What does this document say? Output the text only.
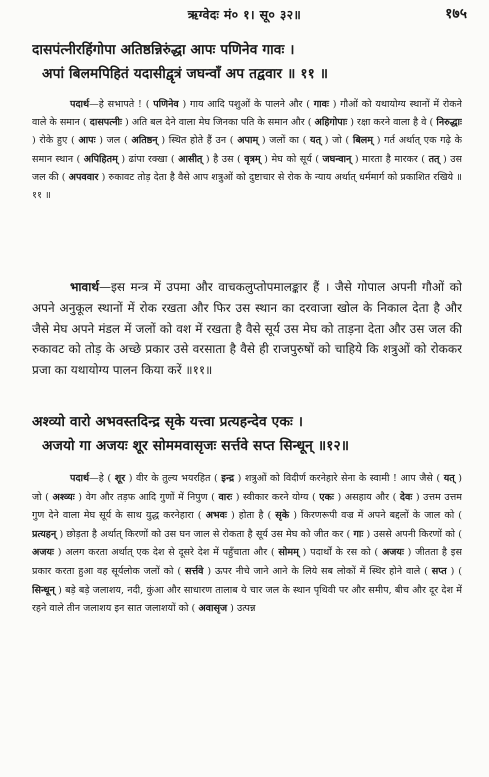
ऋग्वेदः मं० १। सू० ३२॥	१७५

दासपंत्नीरहिंगोपा अतिष्ठन्निरुंद्धा आपः पणिनेव गावः ।

अपां बिलमपिहितं यदासीद्वृत्रं जघन्वाँ अप तद्ववार ॥ ११ ॥

पदार्थ—हे सभापते ! ( पणिनेव ) गाय आदि पशुओं के पालने और ( गावः ) गौओं को यथायोग्य स्थानों में रोकने वाले के समान ( दासपत्नीः ) अति बल देने वाला मेघ जिनका पति के समान और ( अहिगोपाः ) रक्षा करने वाला है वे ( निरुद्धाः ) रोके हुए ( आपः ) जल ( अतिष्ठन् ) स्थित होते हैं उन ( अपाम् ) जलों का ( यत् ) जो ( बिलम् ) गर्त अर्थात् एक गढ़े के समान स्थान ( अपिहितम् ) ढांपा रक्खा ( आसीत् ) है उस ( वृत्रम् ) मेघ को सूर्य ( जघन्वान् ) मारता है मारकर ( तत् ) उस जल की ( अपववार ) रुकावट तोड़ देता है वैसे आप शत्रुओं को दुष्टाचार से रोक के न्याय अर्थात् धर्ममार्ग को प्रकाशित रखिये ॥ ११ ॥

भावार्थ—इस मन्त्र में उपमा और वाचकलुप्तोपमालङ्कार हैं । जैसे गोपाल अपनी गौओं को अपने अनुकूल स्थानों में रोक रखता और फिर उस स्थान का दरवाजा खोल के निकाल देता है और जैसे मेघ अपने मंडल में जलों को वश में रखता है वैसे सूर्य उस मेघ को ताड़ना देता और उस जल की रुकावट को तोड़ के अच्छे प्रकार उसे वरसाता है वैसे ही राजपुरुषों को चाहिये कि शत्रुओं को रोककर प्रजा का यथायोग्य पालन किया करें ॥११॥

अश्व्यो वारो अभवस्तदिन्द्र सृके यत्त्वा प्रत्यहन्देव एकः ।

अजयो गा अजयः शूर सोममवासृजः सर्त्तवे सप्त सिन्धून् ॥१२॥

पदार्थ—हे ( शूर ) वीर के तुल्य भयरहित ( इन्द्र ) शत्रुओं को विदीर्ण करनेहारे सेना के स्वामी ! आप जैसे ( यत् ) जो ( अश्व्यः ) वेग और तड़फ आदि गुणों में निपुण ( वारः ) स्वीकार करने योग्य ( एकः ) असहाय और ( देवः ) उत्तम उत्तम गुण देने वाला मेघ सूर्य के साथ युद्ध करनेहारा ( अभवः ) होता है ( सृके ) किरणरूपी वज्र में अपने बद्दलों के जाल को ( प्रत्यहन् ) छोड़ता है अर्थात् किरणों को उस घन जाल से रोकता है सूर्य उस मेघ को जीत कर ( गाः ) उससे अपनी किरणों को ( अजयः ) अलग करता अर्थात् एक देश से दूसरे देश में पहुँचाता और ( सोमम् ) पदार्थों के रस को ( अजयः ) जीतता है इस प्रकार करता हुआ वह सूर्यलोक जलों को ( सर्त्तवे ) ऊपर नीचे जाने आने के लिये सब लोकों में स्थिर होने वाले ( सप्त ) ( सिन्धून् ) बड़े बड़े जलाशय, नदी, कुंआ और साधारण तालाब ये चार जल के स्थान पृथिवी पर और समीप, बीच और दूर देश में रहने वाले तीन जलाशय इन सात जलाशयों को ( अवासृज ) उत्पन्न
